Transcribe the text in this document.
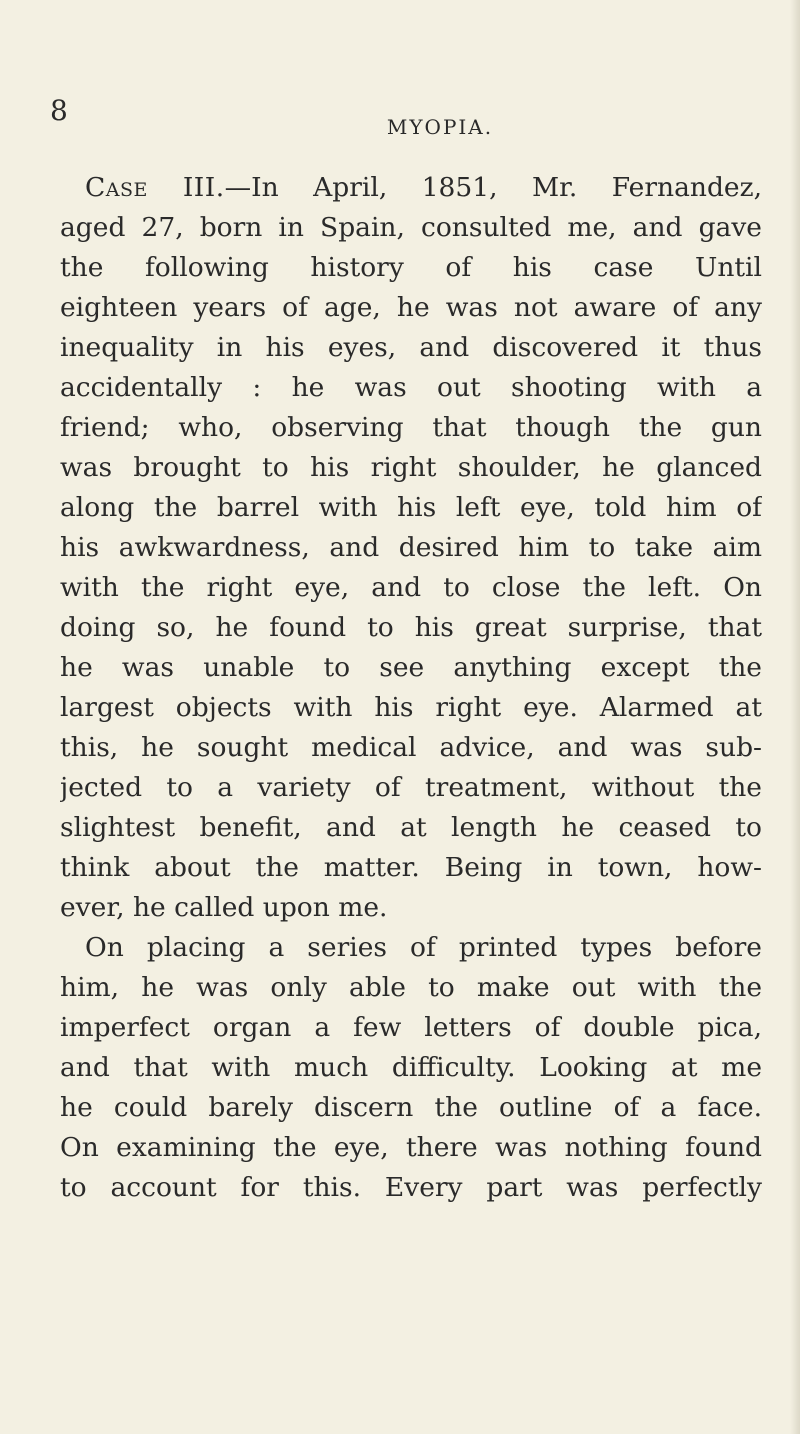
8	MYOPIA.
Case III.—In April, 1851, Mr. Fernandez,
aged 27, born in Spain, consulted me, and gave
the following history of his case Until
eighteen years of age, he was not aware of any
inequality in his eyes, and discovered it thus
accidentally : he was out shooting with a
friend; who, observing that though the gun
was brought to his right shoulder, he glanced
along the barrel with his left eye, told him of
his awkwardness, and desired him to take aim
with the right eye, and to close the left. On
doing so, he found to his great surprise, that
he was unable to see anything except the
largest objects with his right eye. Alarmed at
this, he sought medical advice, and was sub-
jected to a variety of treatment, without the
slightest benefit, and at length he ceased to
think about the matter. Being in town, how-
ever, he called upon me.
On placing a series of printed types before
him, he was only able to make out with the
imperfect organ a few letters of double pica,
and that with much difficulty. Looking at me
he could barely discern the outline of a face.
On examining the eye, there was nothing found
to account for this. Every part was perfectly
